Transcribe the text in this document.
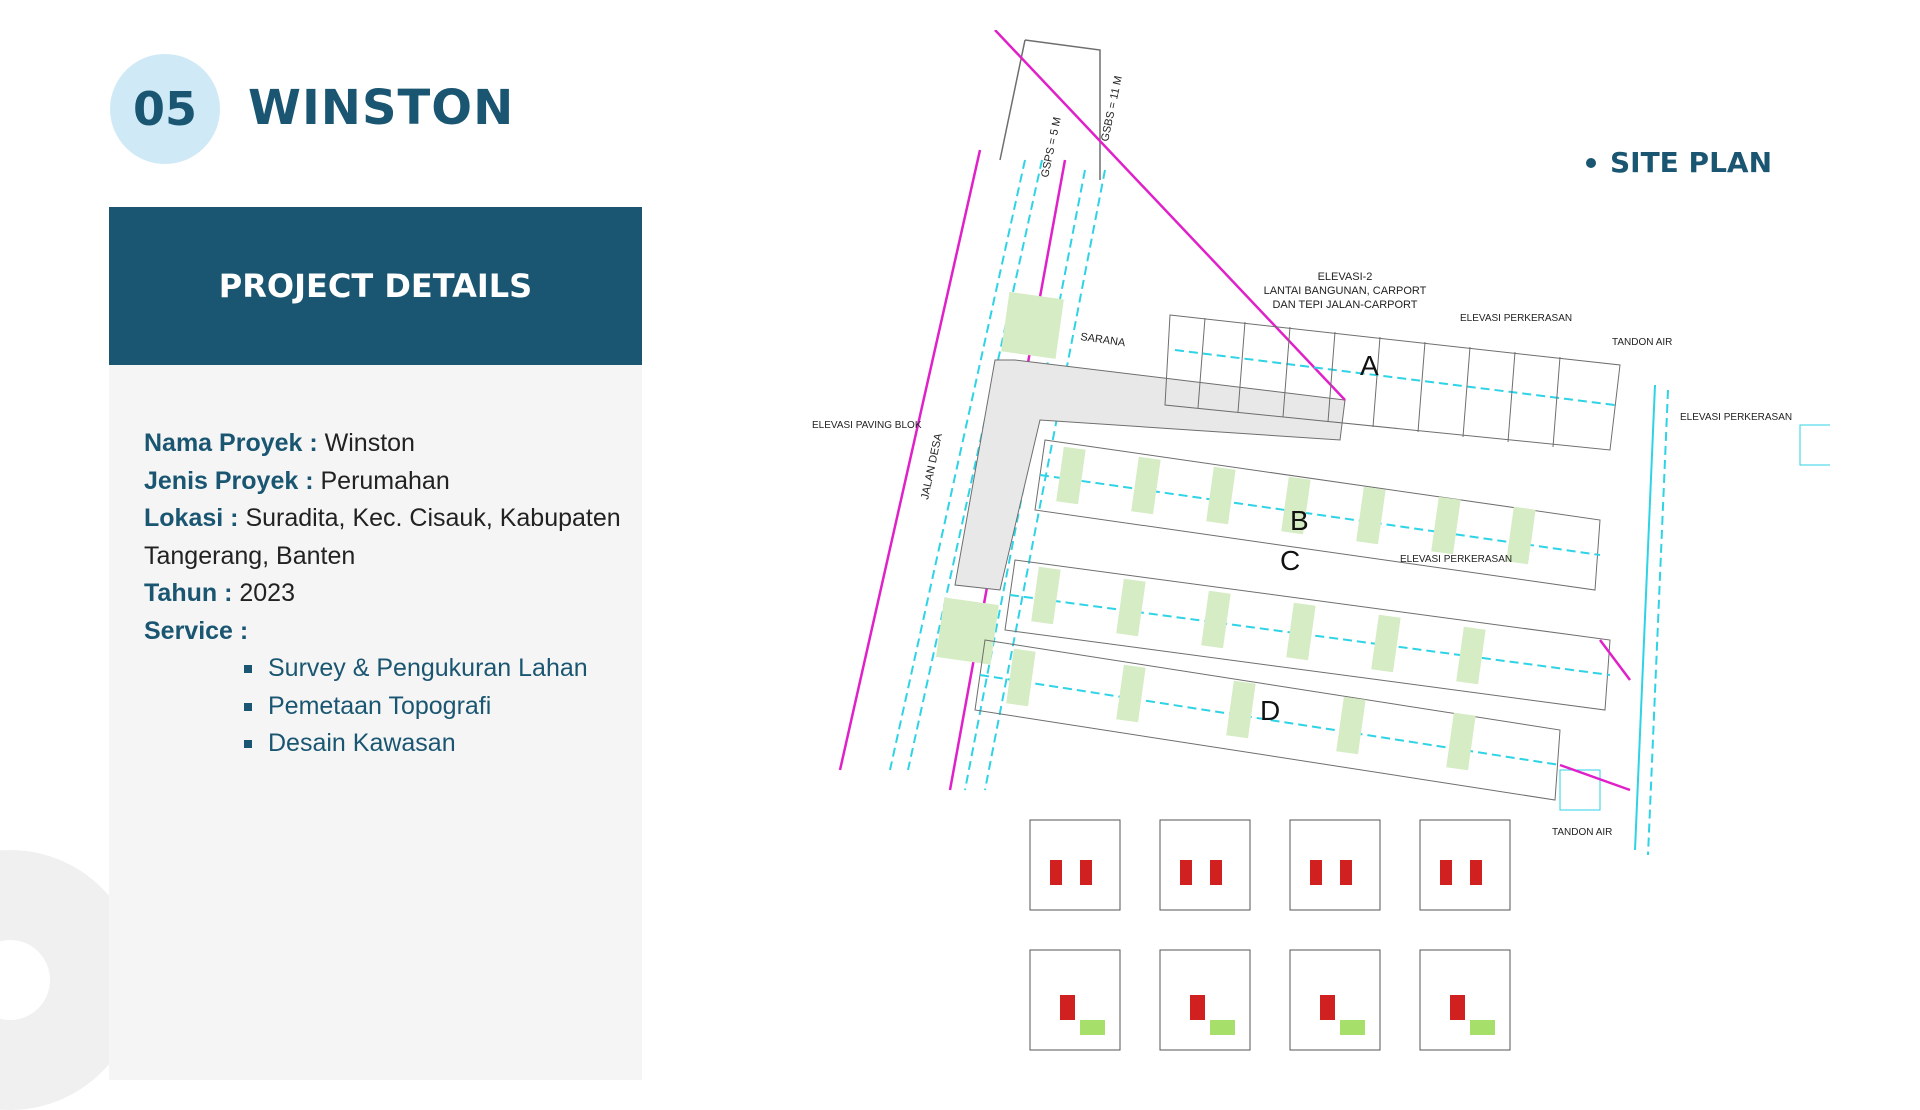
05 WINSTON
PROJECT DETAILS
Nama Proyek : Winston
Jenis Proyek : Perumahan
Lokasi : Suradita, Kec. Cisauk, Kabupaten Tangerang, Banten
Tahun : 2023
Service :
Survey & Pengukuran Lahan
Pemetaan Topografi
Desain Kawasan
SITE PLAN
GSPS = 5 M
GSBS = 11 M
JALAN DESA
A
B
C
D
ELEVASI-2
LANTAI BANGUNAN, CARPORT
DAN TEPI JALAN-CARPORT
ELEVASI PERKERASAN
ELEVASI PERKERASAN
ELEVASI PERKERASAN
TANDON AIR
TANDON AIR
SARANA
ELEVASI PAVING BLOK
